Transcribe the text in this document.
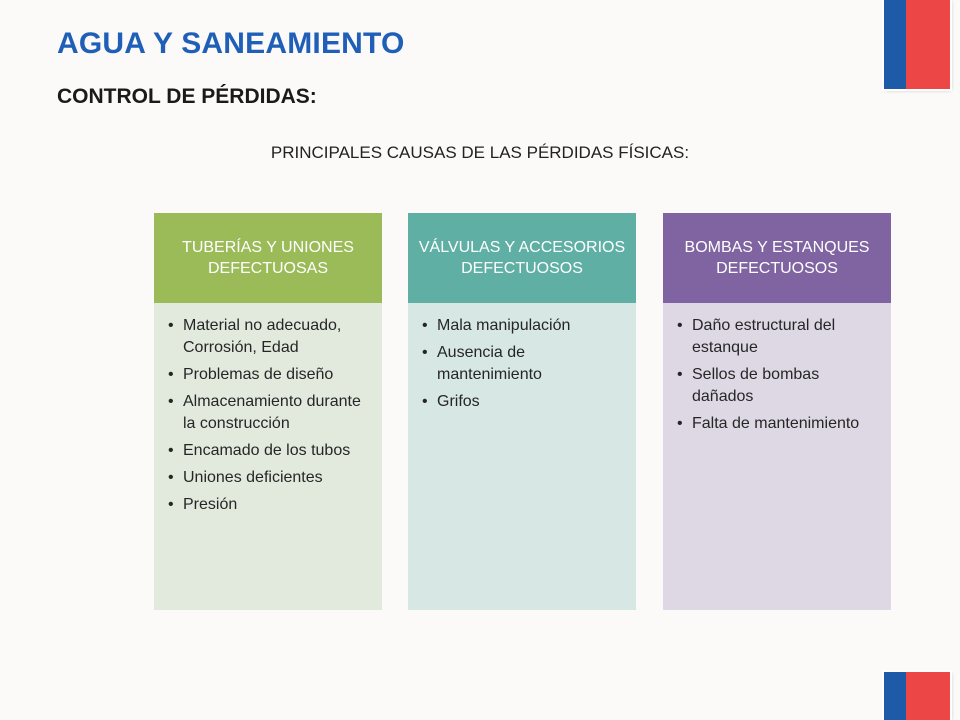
AGUA Y SANEAMIENTO
CONTROL DE PÉRDIDAS:
PRINCIPALES CAUSAS DE LAS PÉRDIDAS FÍSICAS:
TUBERÍAS Y UNIONES DEFECTUOSAS
• Material no adecuado, Corrosión, Edad
• Problemas de diseño
• Almacenamiento durante la construcción
• Encamado de los tubos
• Uniones deficientes
• Presión
VÁLVULAS Y ACCESORIOS DEFECTUOSOS
• Mala manipulación
• Ausencia de mantenimiento
• Grifos
BOMBAS Y ESTANQUES DEFECTUOSOS
• Daño estructural del estanque
• Sellos de bombas dañados
• Falta de mantenimiento
